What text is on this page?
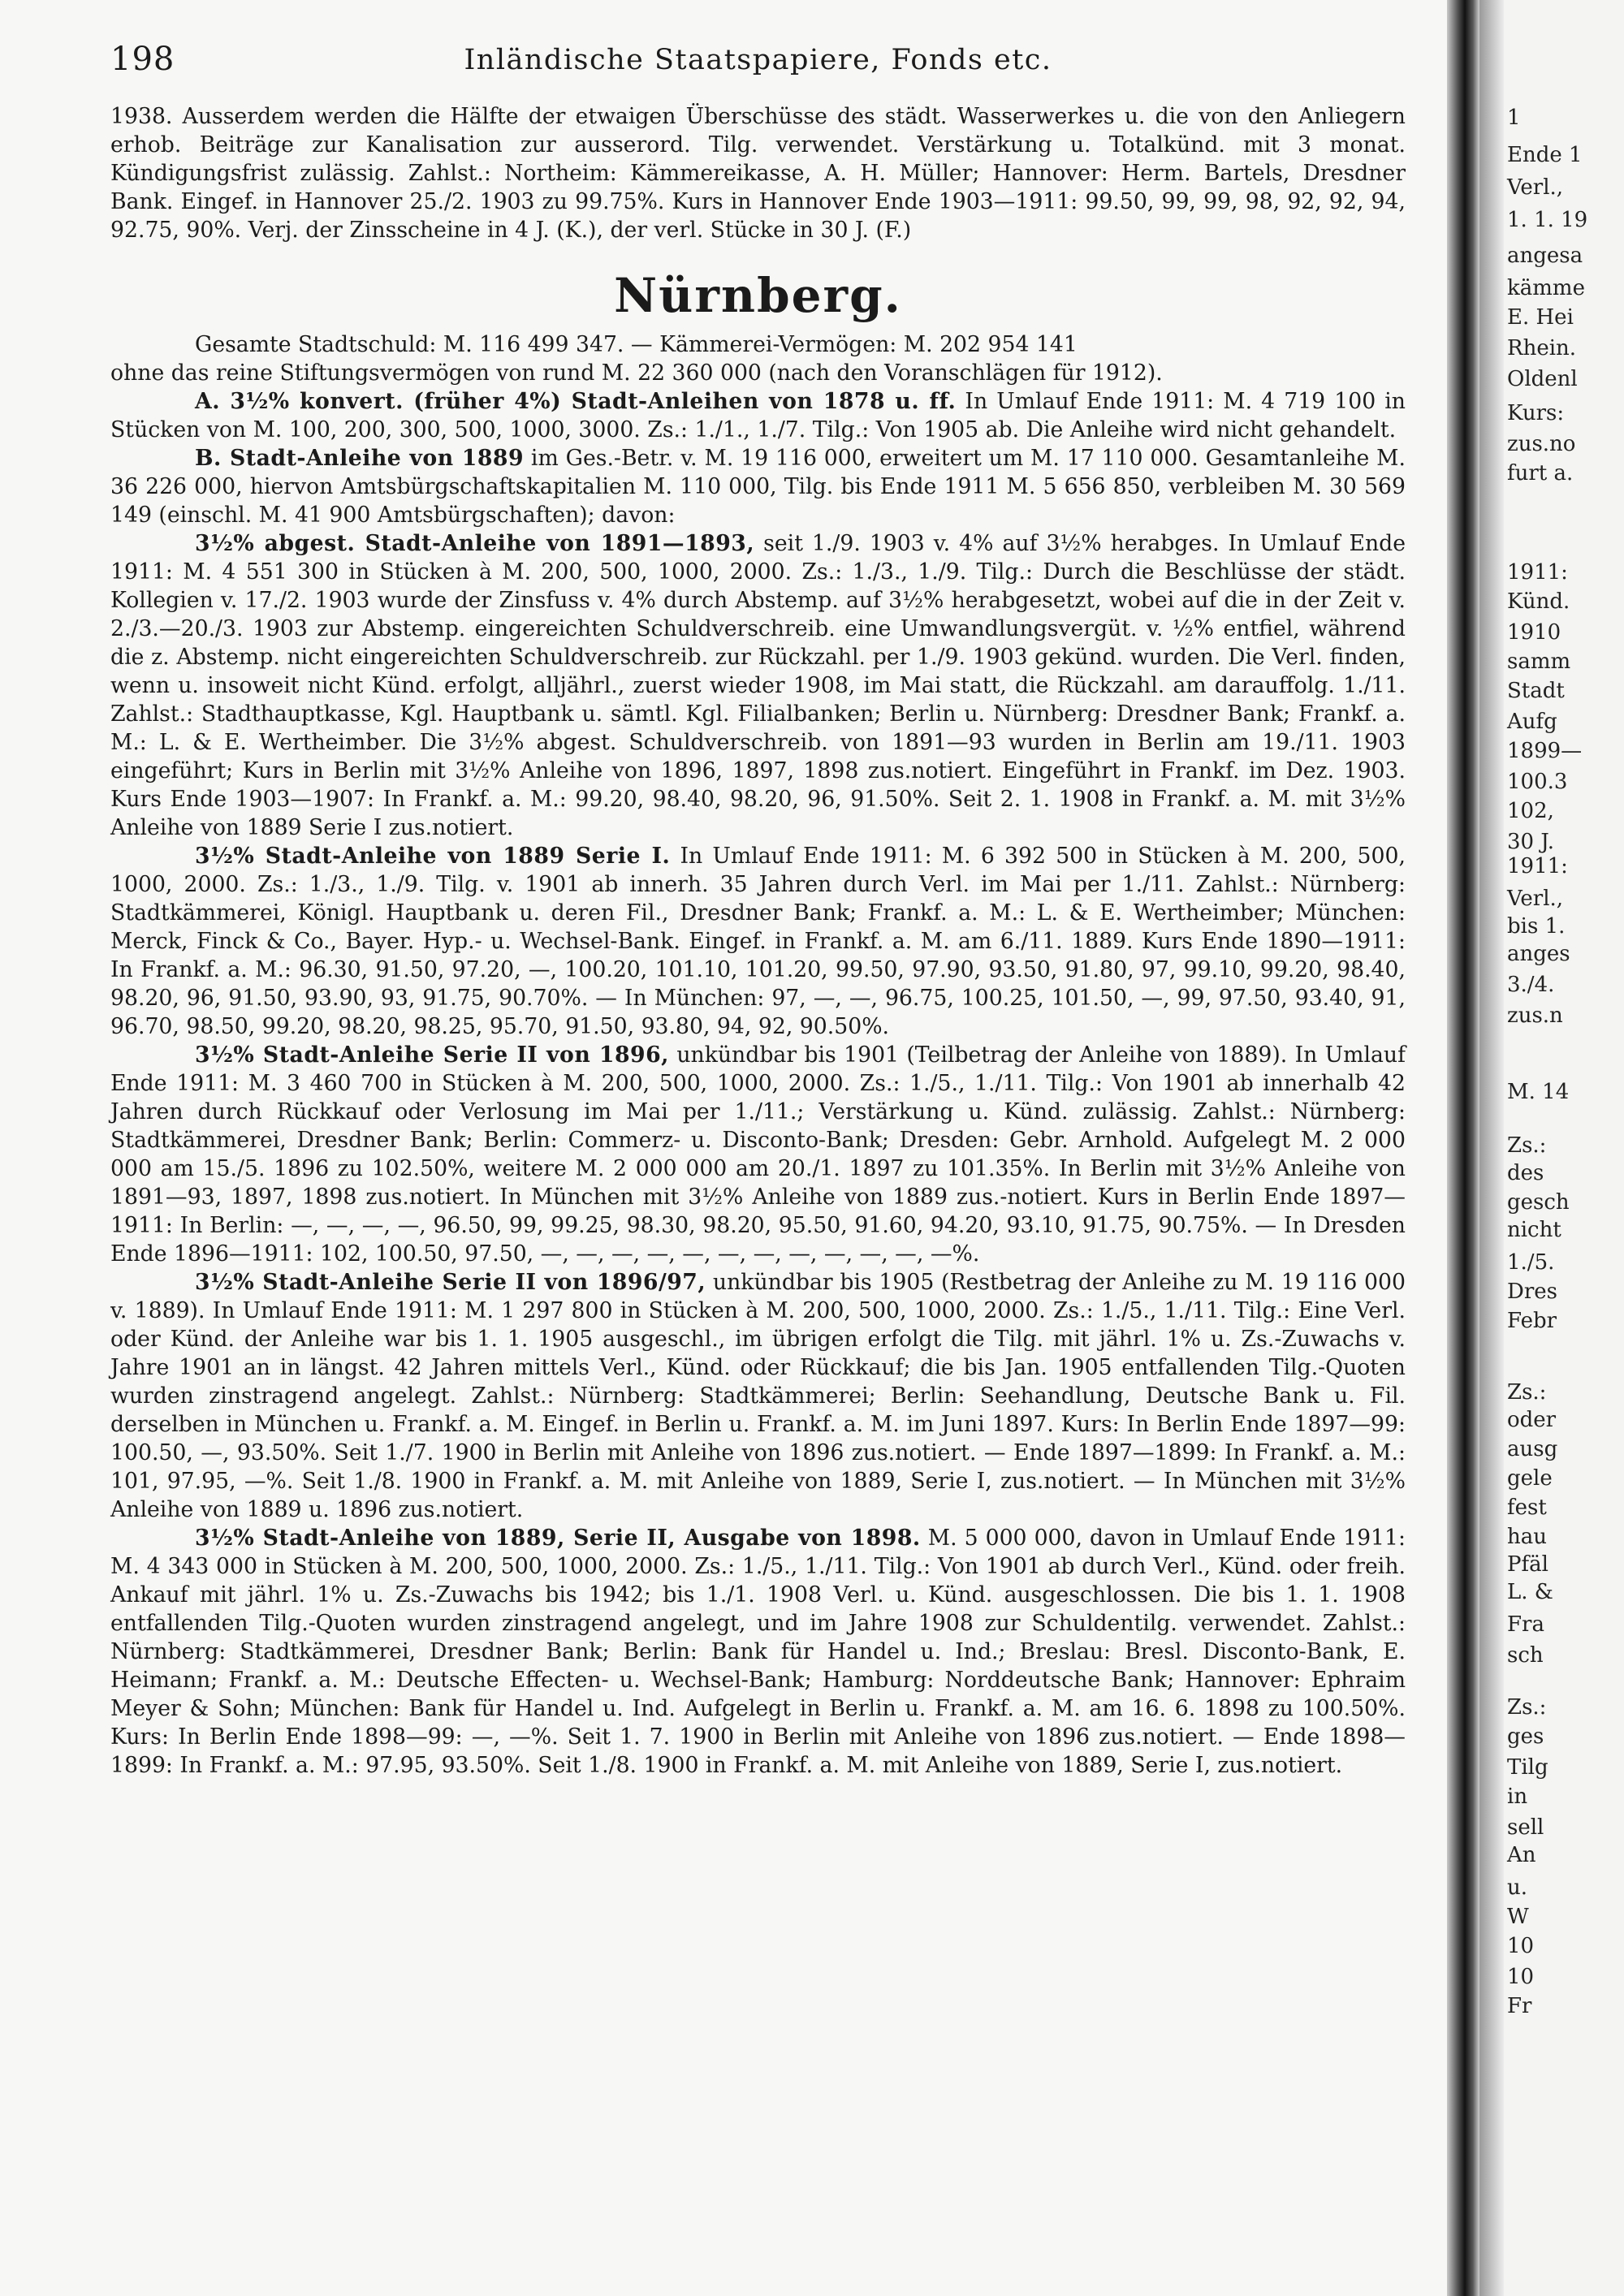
198	Inländische Staatspapiere, Fonds etc.

1938. Ausserdem werden die Hälfte der etwaigen Überschüsse des städt. Wasserwerkes u. die von den Anliegern erhob. Beiträge zur Kanalisation zur ausserord. Tilg. verwendet. Verstärkung u. Totalkünd. mit 3 monat. Kündigungsfrist zulässig. Zahlst.: Northeim: Kämmereikasse, A. H. Müller; Hannover: Herm. Bartels, Dresdner Bank. Eingef. in Hannover 25./2. 1903 zu 99.75%. Kurs in Hannover Ende 1903—1911: 99.50, 99, 99, 98, 92, 92, 94, 92.75, 90%. Verj. der Zinsscheine in 4 J. (K.), der verl. Stücke in 30 J. (F.)

Nürnberg.

Gesamte Stadtschuld: M. 116 499 347. — Kämmerei-Vermögen: M. 202 954 141

ohne das reine Stiftungsvermögen von rund M. 22 360 000 (nach den Voranschlägen für 1912).

A. 3½% konvert. (früher 4%) Stadt-Anleihen von 1878 u. ff. In Umlauf Ende 1911: M. 4 719 100 in Stücken von M. 100, 200, 300, 500, 1000, 3000. Zs.: 1./1., 1./7. Tilg.: Von 1905 ab. Die Anleihe wird nicht gehandelt.

B. Stadt-Anleihe von 1889 im Ges.-Betr. v. M. 19 116 000, erweitert um M. 17 110 000. Gesamtanleihe M. 36 226 000, hiervon Amtsbürgschaftskapitalien M. 110 000, Tilg. bis Ende 1911 M. 5 656 850, verbleiben M. 30 569 149 (einschl. M. 41 900 Amtsbürgschaften); davon:

3½% abgest. Stadt-Anleihe von 1891—1893, seit 1./9. 1903 v. 4% auf 3½% herabges. In Umlauf Ende 1911: M. 4 551 300 in Stücken à M. 200, 500, 1000, 2000. Zs.: 1./3., 1./9. Tilg.: Durch die Beschlüsse der städt. Kollegien v. 17./2. 1903 wurde der Zinsfuss v. 4% durch Abstemp. auf 3½% herabgesetzt, wobei auf die in der Zeit v. 2./3.—20./3. 1903 zur Abstemp. eingereichten Schuldverschreib. eine Umwandlungsvergüt. v. ½% entfiel, während die z. Abstemp. nicht eingereichten Schuldverschreib. zur Rückzahl. per 1./9. 1903 gekünd. wurden. Die Verl. finden, wenn u. insoweit nicht Künd. erfolgt, alljährl., zuerst wieder 1908, im Mai statt, die Rückzahl. am darauffolg. 1./11. Zahlst.: Stadthauptkasse, Kgl. Hauptbank u. sämtl. Kgl. Filialbanken; Berlin u. Nürnberg: Dresdner Bank; Frankf. a. M.: L. & E. Wertheimber. Die 3½% abgest. Schuldverschreib. von 1891—93 wurden in Berlin am 19./11. 1903 eingeführt; Kurs in Berlin mit 3½% Anleihe von 1896, 1897, 1898 zus.notiert. Eingeführt in Frankf. im Dez. 1903. Kurs Ende 1903—1907: In Frankf. a. M.: 99.20, 98.40, 98.20, 96, 91.50%. Seit 2. 1. 1908 in Frankf. a. M. mit 3½% Anleihe von 1889 Serie I zus.notiert.

3½% Stadt-Anleihe von 1889 Serie I. In Umlauf Ende 1911: M. 6 392 500 in Stücken à M. 200, 500, 1000, 2000. Zs.: 1./3., 1./9. Tilg. v. 1901 ab innerh. 35 Jahren durch Verl. im Mai per 1./11. Zahlst.: Nürnberg: Stadtkämmerei, Königl. Hauptbank u. deren Fil., Dresdner Bank; Frankf. a. M.: L. & E. Wertheimber; München: Merck, Finck & Co., Bayer. Hyp.- u. Wechsel-Bank. Eingef. in Frankf. a. M. am 6./11. 1889. Kurs Ende 1890—1911: In Frankf. a. M.: 96.30, 91.50, 97.20, —, 100.20, 101.10, 101.20, 99.50, 97.90, 93.50, 91.80, 97, 99.10, 99.20, 98.40, 98.20, 96, 91.50, 93.90, 93, 91.75, 90.70%. — In München: 97, —, —, 96.75, 100.25, 101.50, —, 99, 97.50, 93.40, 91, 96.70, 98.50, 99.20, 98.20, 98.25, 95.70, 91.50, 93.80, 94, 92, 90.50%.

3½% Stadt-Anleihe Serie II von 1896, unkündbar bis 1901 (Teilbetrag der Anleihe von 1889). In Umlauf Ende 1911: M. 3 460 700 in Stücken à M. 200, 500, 1000, 2000. Zs.: 1./5., 1./11. Tilg.: Von 1901 ab innerhalb 42 Jahren durch Rückkauf oder Verlosung im Mai per 1./11.; Verstärkung u. Künd. zulässig. Zahlst.: Nürnberg: Stadtkämmerei, Dresdner Bank; Berlin: Commerz- u. Disconto-Bank; Dresden: Gebr. Arnhold. Aufgelegt M. 2 000 000 am 15./5. 1896 zu 102.50%, weitere M. 2 000 000 am 20./1. 1897 zu 101.35%. In Berlin mit 3½% Anleihe von 1891—93, 1897, 1898 zus.notiert. In München mit 3½% Anleihe von 1889 zus.-notiert. Kurs in Berlin Ende 1897—1911: In Berlin: —, —, —, —, 96.50, 99, 99.25, 98.30, 98.20, 95.50, 91.60, 94.20, 93.10, 91.75, 90.75%. — In Dresden Ende 1896—1911: 102, 100.50, 97.50, —, —, —, —, —, —, —, —, —, —, —, —%.

3½% Stadt-Anleihe Serie II von 1896/97, unkündbar bis 1905 (Restbetrag der Anleihe zu M. 19 116 000 v. 1889). In Umlauf Ende 1911: M. 1 297 800 in Stücken à M. 200, 500, 1000, 2000. Zs.: 1./5., 1./11. Tilg.: Eine Verl. oder Künd. der Anleihe war bis 1. 1. 1905 ausgeschl., im übrigen erfolgt die Tilg. mit jährl. 1% u. Zs.-Zuwachs v. Jahre 1901 an in längst. 42 Jahren mittels Verl., Künd. oder Rückkauf; die bis Jan. 1905 entfallenden Tilg.-Quoten wurden zinstragend angelegt. Zahlst.: Nürnberg: Stadtkämmerei; Berlin: Seehandlung, Deutsche Bank u. Fil. derselben in München u. Frankf. a. M. Eingef. in Berlin u. Frankf. a. M. im Juni 1897. Kurs: In Berlin Ende 1897—99: 100.50, —, 93.50%. Seit 1./7. 1900 in Berlin mit Anleihe von 1896 zus.notiert. — Ende 1897—1899: In Frankf. a. M.: 101, 97.95, —%. Seit 1./8. 1900 in Frankf. a. M. mit Anleihe von 1889, Serie I, zus.notiert. — In München mit 3½% Anleihe von 1889 u. 1896 zus.notiert.

3½% Stadt-Anleihe von 1889, Serie II, Ausgabe von 1898. M. 5 000 000, davon in Umlauf Ende 1911: M. 4 343 000 in Stücken à M. 200, 500, 1000, 2000. Zs.: 1./5., 1./11. Tilg.: Von 1901 ab durch Verl., Künd. oder freih. Ankauf mit jährl. 1% u. Zs.-Zuwachs bis 1942; bis 1./1. 1908 Verl. u. Künd. ausgeschlossen. Die bis 1. 1. 1908 entfallenden Tilg.-Quoten wurden zinstragend angelegt, und im Jahre 1908 zur Schuldentilg. verwendet. Zahlst.: Nürnberg: Stadtkämmerei, Dresdner Bank; Berlin: Bank für Handel u. Ind.; Breslau: Bresl. Disconto-Bank, E. Heimann; Frankf. a. M.: Deutsche Effecten- u. Wechsel-Bank; Hamburg: Norddeutsche Bank; Hannover: Ephraim Meyer & Sohn; München: Bank für Handel u. Ind. Aufgelegt in Berlin u. Frankf. a. M. am 16. 6. 1898 zu 100.50%. Kurs: In Berlin Ende 1898—99: —, —%. Seit 1. 7. 1900 in Berlin mit Anleihe von 1896 zus.notiert. — Ende 1898—1899: In Frankf. a. M.: 97.95, 93.50%. Seit 1./8. 1900 in Frankf. a. M. mit Anleihe von 1889, Serie I, zus.notiert.

1
Ende 1
Verl.,
1. 1. 19
angesa
kämme
E. Hei
Rhein.
Oldenl
Kurs:
zus.no
furt a.
1911:
Künd.
1910
samm
Stadt
Aufg
1899—
100.3
102,
30 J.
1911:
Verl.,
bis 1.
anges
3./4.
zus.n
M. 14
Zs.:
des
gesch
nicht
1./5.
Dres
Febr
Zs.:
oder
ausg
gele
fest
hau
Pfäl
L. &
Fra
sch
Zs.:
ges
Tilg
in
sell
An
u.
W
10
10
Fr
